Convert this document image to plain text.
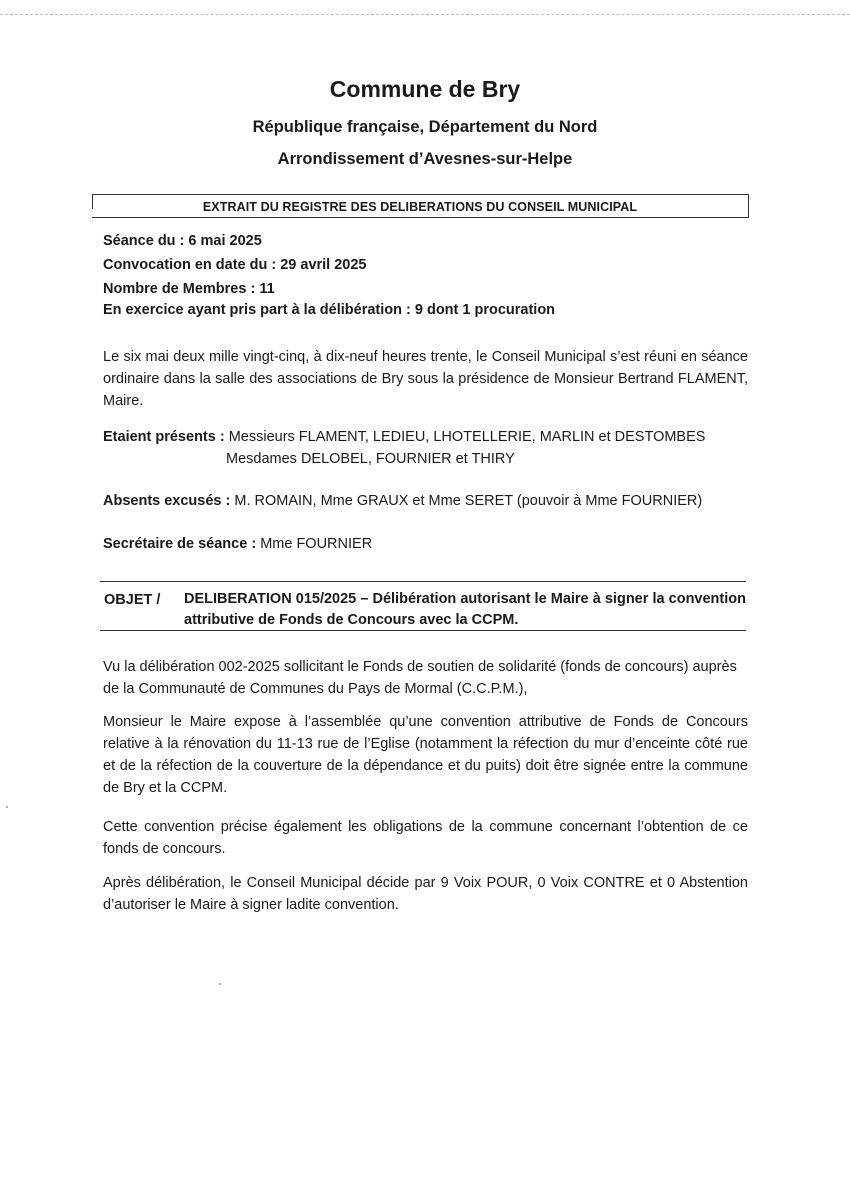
Commune de Bry
République française, Département du Nord
Arrondissement d’Avesnes-sur-Helpe
EXTRAIT DU REGISTRE DES DELIBERATIONS DU CONSEIL MUNICIPAL
Séance du : 6 mai 2025
Convocation en date du : 29 avril 2025
Nombre de Membres : 11
En exercice ayant pris part à la délibération : 9 dont 1 procuration
Le six mai deux mille vingt-cinq, à dix-neuf heures trente, le Conseil Municipal s’est réuni en séance ordinaire dans la salle des associations de Bry sous la présidence de Monsieur Bertrand FLAMENT, Maire.
Etaient présents : Messieurs FLAMENT, LEDIEU, LHOTELLERIE, MARLIN et DESTOMBES
Mesdames DELOBEL, FOURNIER et THIRY
Absents excusés : M. ROMAIN, Mme GRAUX et Mme SERET (pouvoir à Mme FOURNIER)
Secrétaire de séance : Mme FOURNIER
OBJET / DELIBERATION 015/2025 – Délibération autorisant le Maire à signer la convention attributive de Fonds de Concours avec la CCPM.
Vu la délibération 002-2025 sollicitant le Fonds de soutien de solidarité (fonds de concours) auprès de la Communauté de Communes du Pays de Mormal (C.C.P.M.),
Monsieur le Maire expose à l’assemblée qu’une convention attributive de Fonds de Concours relative à la rénovation du 11-13 rue de l’Eglise (notamment la réfection du mur d’enceinte côté rue et de la réfection de la couverture de la dépendance et du puits) doit être signée entre la commune de Bry et la CCPM.
Cette convention précise également les obligations de la commune concernant l’obtention de ce fonds de concours.
Après délibération, le Conseil Municipal décide par 9 Voix POUR, 0 Voix CONTRE et 0 Abstention d’autoriser le Maire à signer ladite convention.
